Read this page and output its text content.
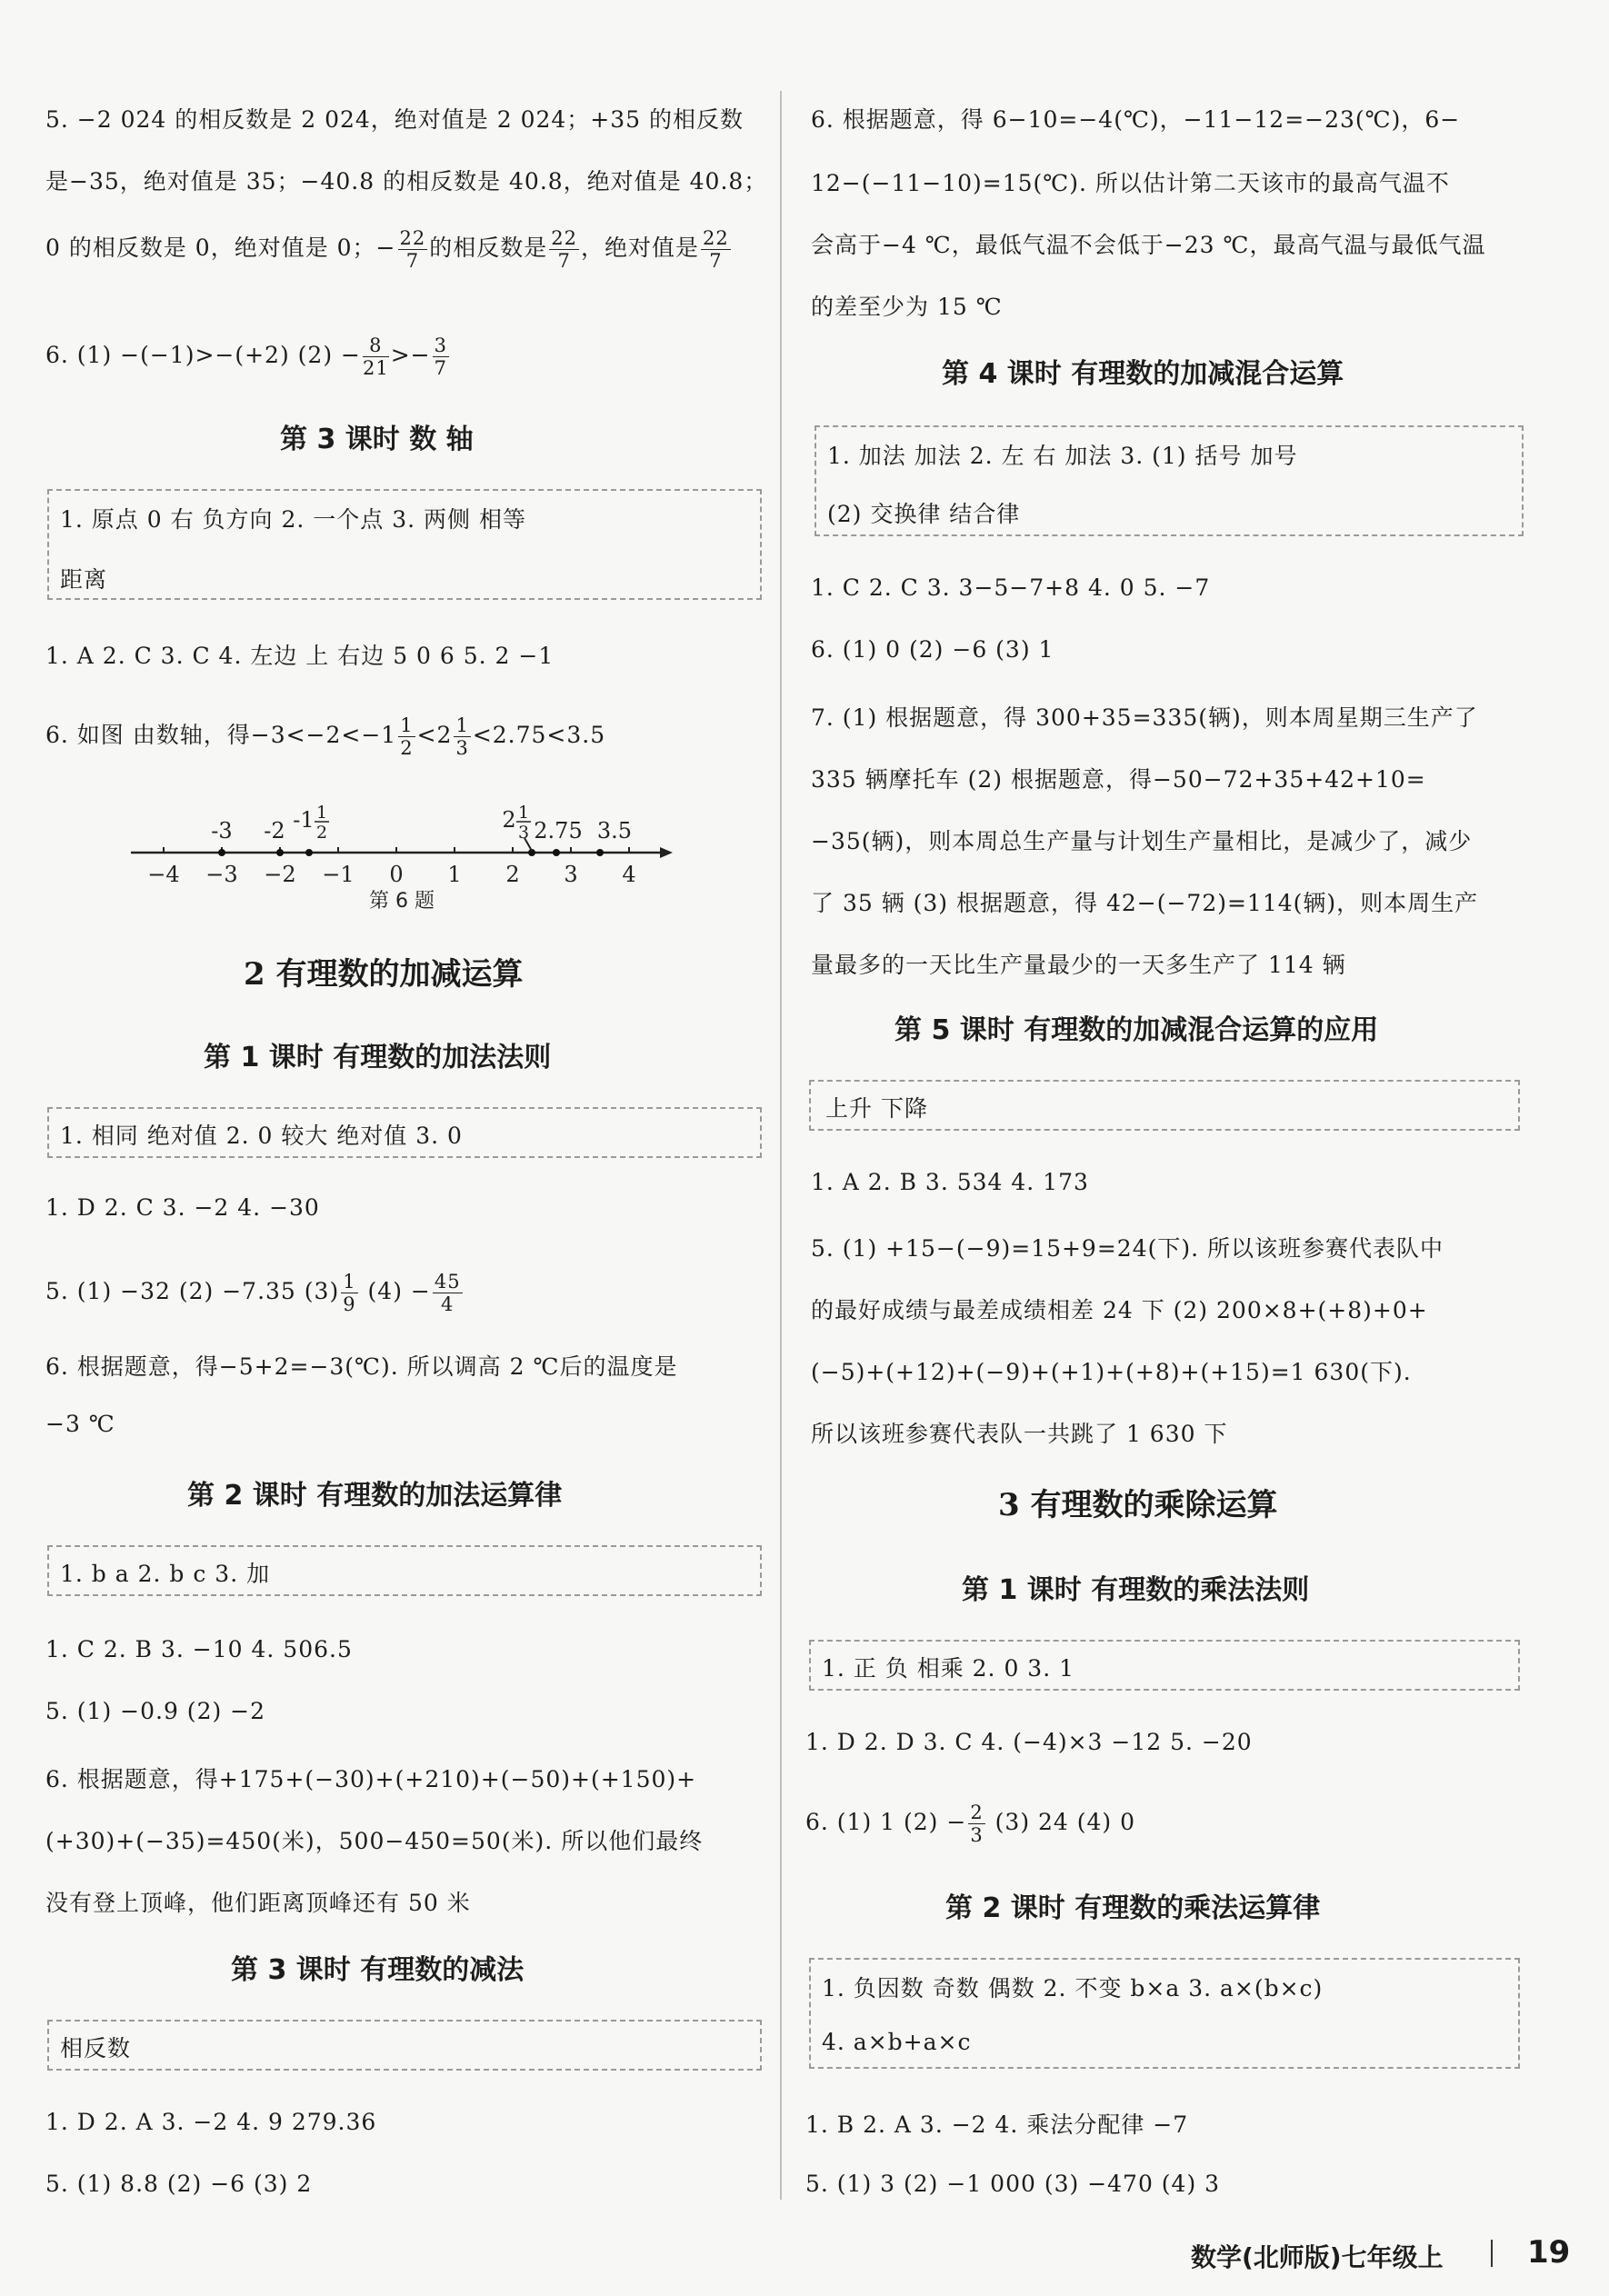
5. −2 024 的相反数是 2 024，绝对值是 2 024；+35 的相反数
是−35，绝对值是 35；−40.8 的相反数是 40.8，绝对值是 40.8；
0 的相反数是 0，绝对值是 0；− $\frac{22}{7}$ 的相反数是 $\frac{22}{7}$ ，绝对值是 $\frac{22}{7}$
6. (1) −(−1)>−(+2) $(2) - \frac{8}{21} >- \frac{3}{7}$
第 3 课时 数 轴
1. 原点 0 右 负方向 2. 一个点 3. 两侧 相等
距离
1. A 2. C 3. C 4. 左边 上 右边 5 0 6 5. 2 −1
6. 如图 由数轴，得$-3<-2<-1 \frac{1}{2} <2 \frac{1}{3} <2.75<3.5$
−4 −3 −2 −1 0 1 2 3 4
-3 -2 -1	2 2.75 3.5
1
2
1
3
第 6 题
2 有理数的加减运算
第 1 课时 有理数的加法法则
1. 相同 绝对值 2. 0 较大 绝对值 3. 0
1. D 2. C 3. −2 4. −30
5. (1) −32 (2) −7.35 $(3) \frac{1}{9} (4) - \frac{45}{4}$
6. 根据题意，得−5+2=−3(℃). 所以调高 2 ℃后的温度是
−3 ℃
第 2 课时 有理数的加法运算律
1. b a 2. b c 3. 加
1. C 2. B 3. −10 4. 506.5
5. (1) −0.9 (2) −2
6. 根据题意，得+175+(−30)+(+210)+(−50)+(+150)+
(+30)+(−35)=450(米)，500−450=50(米). 所以他们最终
没有登上顶峰，他们距离顶峰还有 50 米
第 3 课时 有理数的减法
相反数
1. D 2. A 3. −2 4. 9 279.36
5. (1) 8.8 (2) −6 (3) 2
6. 根据题意，得 6−10=−4(℃)，−11−12=−23(℃)，6−
12−(−11−10)=15(℃). 所以估计第二天该市的最高气温不
会高于−4 ℃，最低气温不会低于−23 ℃，最高气温与最低气温
的差至少为 15 ℃
第 4 课时 有理数的加减混合运算
1. 加法 加法 2. 左 右 加法 3. (1) 括号 加号
(2) 交换律 结合律
1. C 2. C 3. 3−5−7+8 4. 0 5. −7
6. (1) 0 (2) −6 (3) 1
7. (1) 根据题意，得 300+35=335(辆)，则本周星期三生产了
335 辆摩托车 (2) 根据题意，得−50−72+35+42+10=
−35(辆)，则本周总生产量与计划生产量相比，是减少了，减少
了 35 辆 (3) 根据题意，得 42−(−72)=114(辆)，则本周生产
量最多的一天比生产量最少的一天多生产了 114 辆
第 5 课时 有理数的加减混合运算的应用
上升 下降
1. A 2. B 3. 534 4. 173
5. (1) +15−(−9)=15+9=24(下). 所以该班参赛代表队中
的最好成绩与最差成绩相差 24 下 (2) 200×8+(+8)+0+
(−5)+(+12)+(−9)+(+1)+(+8)+(+15)=1 630(下).
所以该班参赛代表队一共跳了 1 630 下
3 有理数的乘除运算
第 1 课时 有理数的乘法法则
1. 正 负 相乘 2. 0 3. 1
1. D 2. D 3. C 4. (−4)×3 −12 5. −20
6. (1) 1 $(2) - \frac{2}{3} (3)$ 24 (4) 0
第 2 课时 有理数的乘法运算律
1. 负因数 奇数 偶数 2. 不变 b×a 3. a×(b×c)
4. a×b+a×c
1. B 2. A 3. −2 4. 乘法分配律 −7
5. (1) 3 (2) −1 000 (3) −470 (4) 3
数学(北师版)七年级上	19
